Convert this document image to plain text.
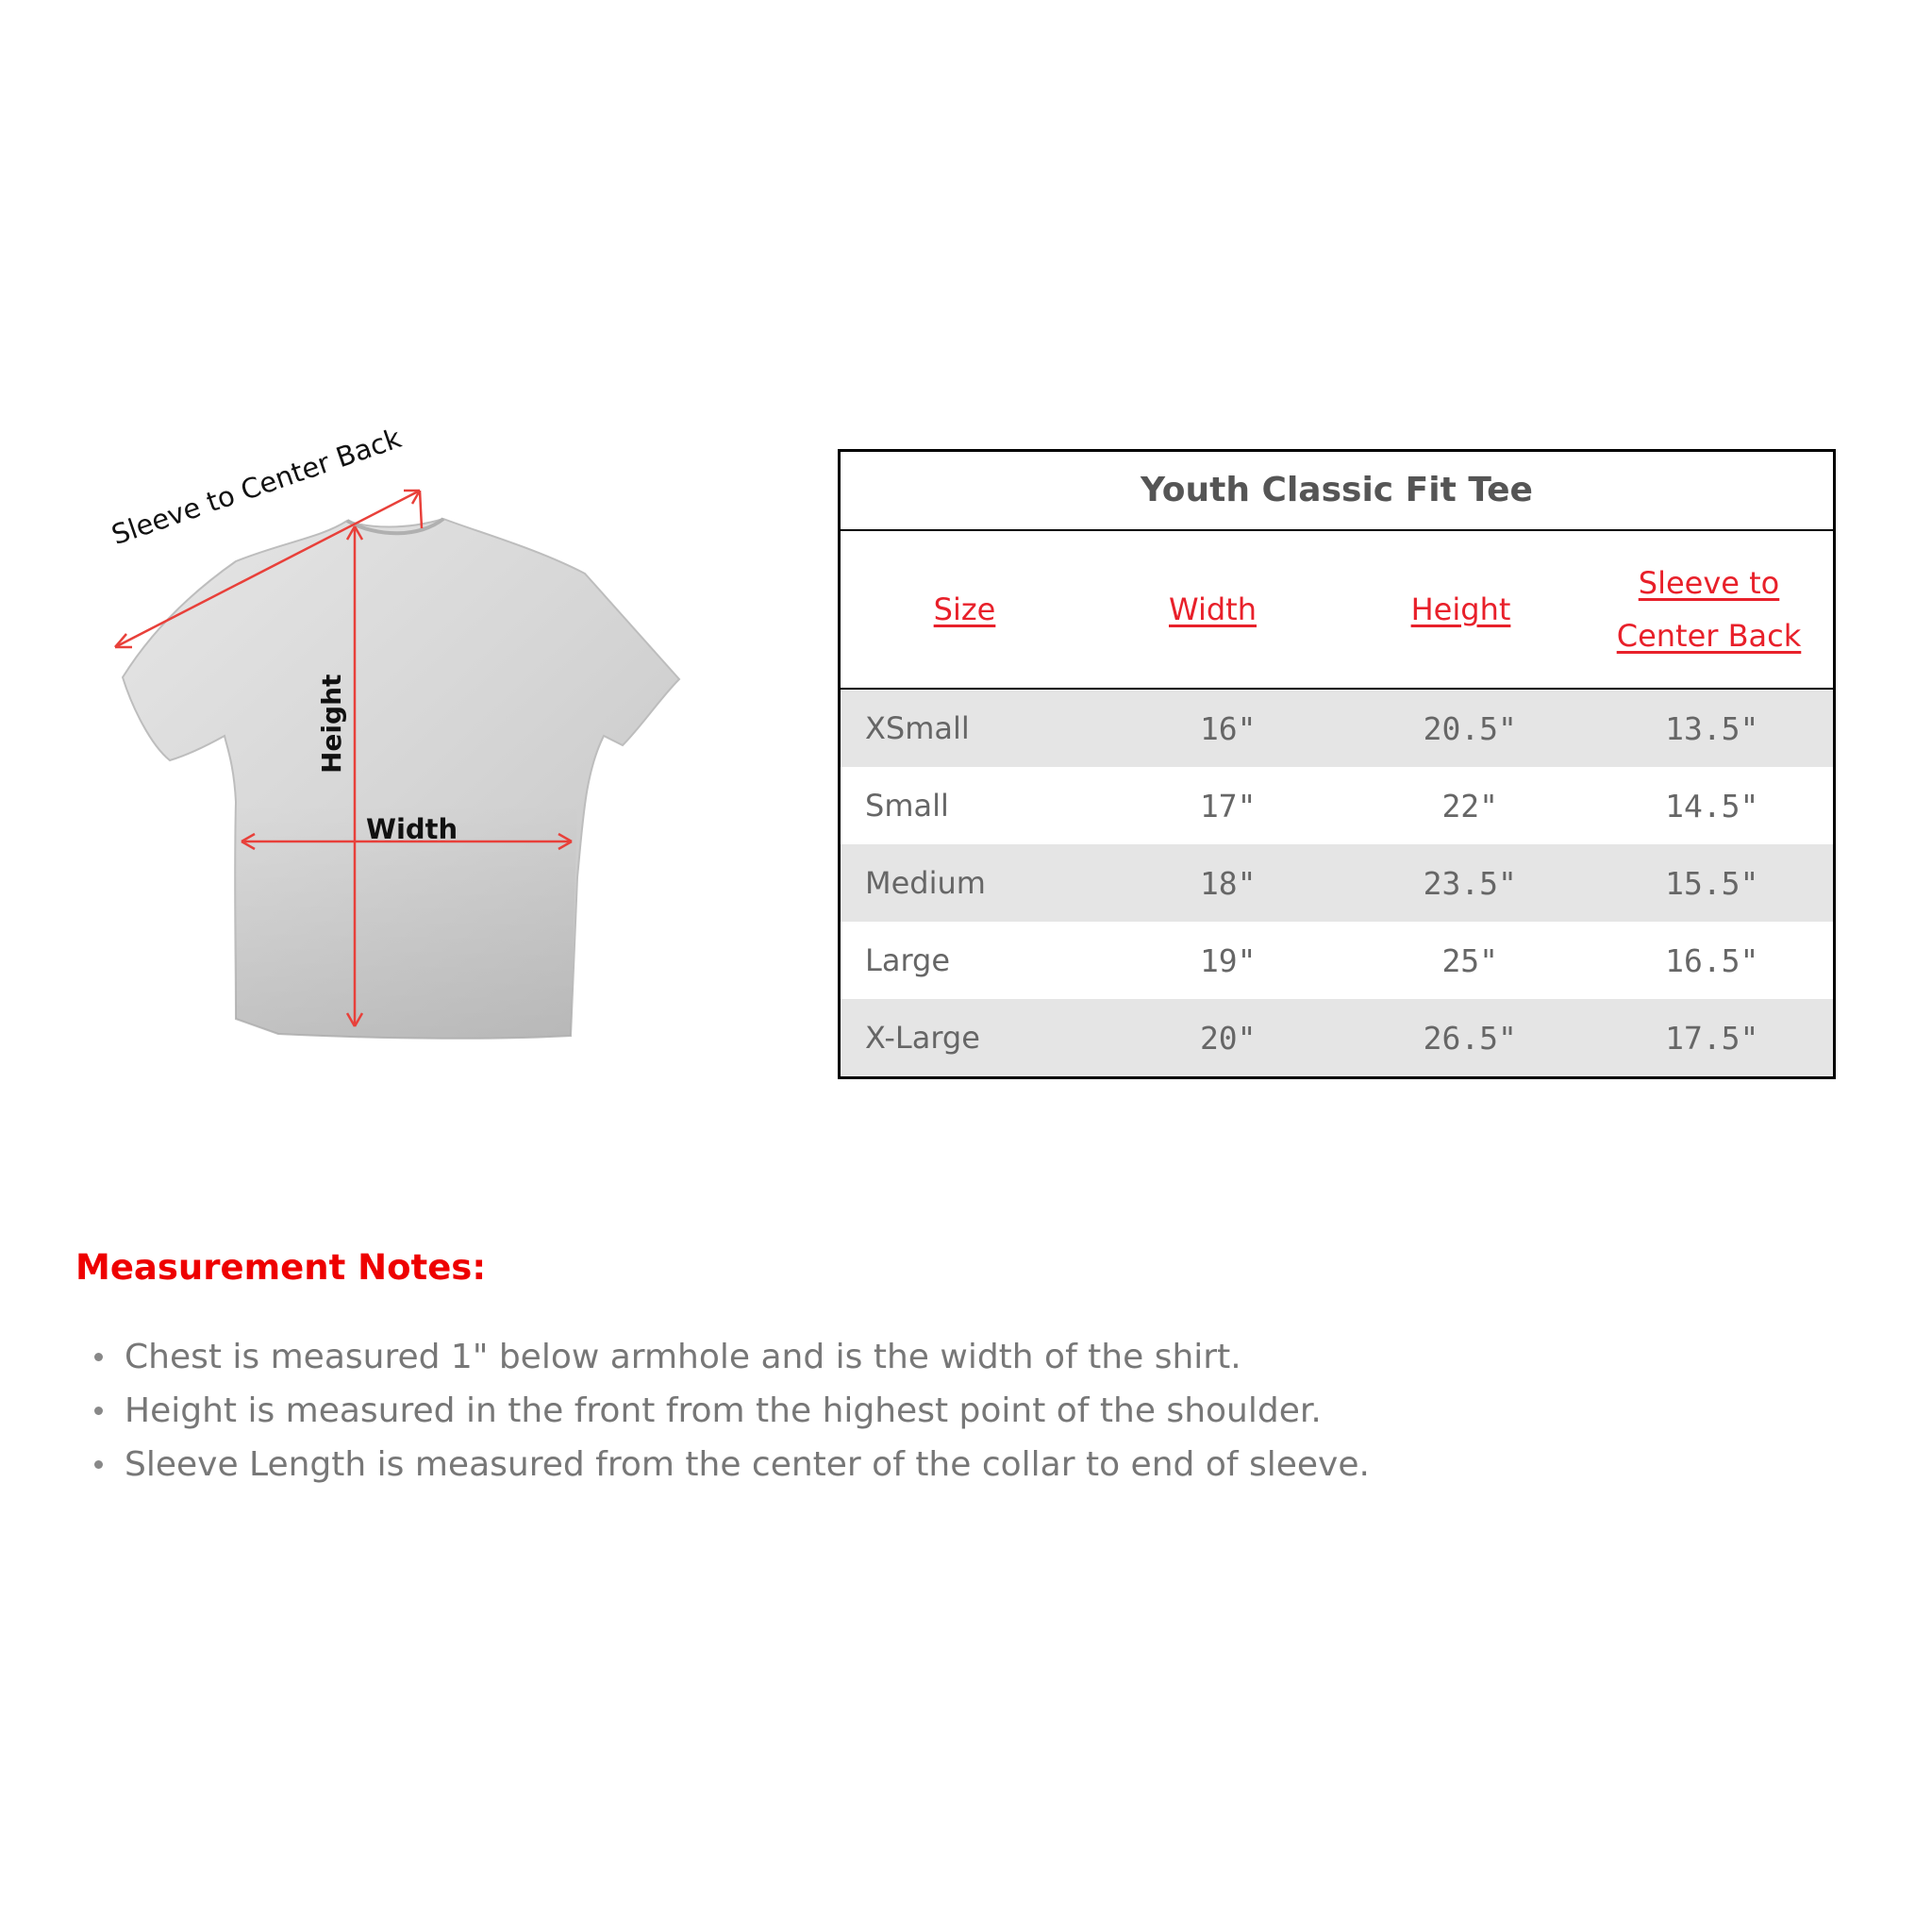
Sleeve to Center Back
Height
Width
Youth Classic Fit Tee
Size	Width	Height
Sleeve to
Center Back
XSmall	16"	20.5"	13.5"
Small	17"	22"	14.5"
Medium	18"	23.5"	15.5"
Large	19"	25"	16.5"
X-Large	20"	26.5"	17.5"
Measurement Notes:
Chest is measured 1" below armhole and is the width of the shirt.
Height is measured in the front from the highest point of the shoulder.
Sleeve Length is measured from the center of the collar to end of sleeve.
